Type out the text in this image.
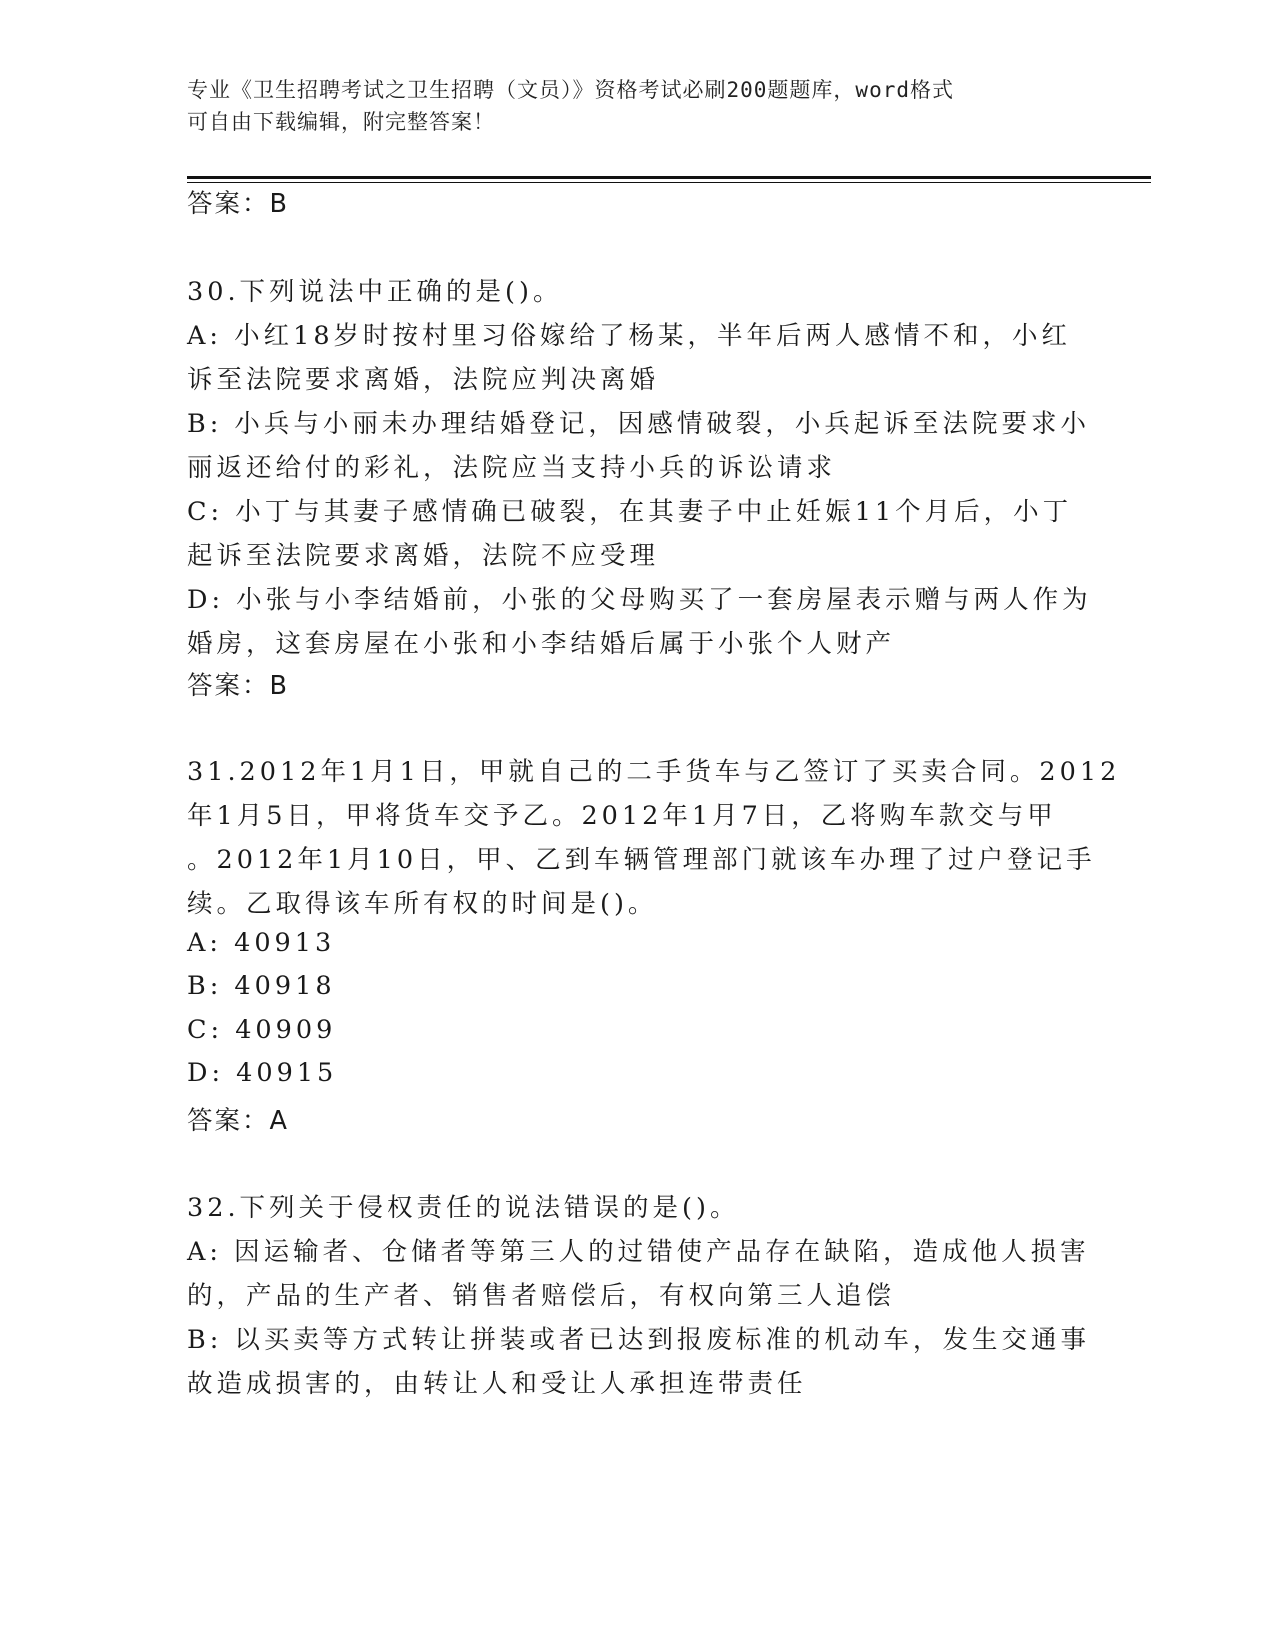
专业《卫生招聘考试之卫生招聘（文员）》资格考试必刷200题题库，word格式
可自由下载编辑，附完整答案！
答案：B
30.下列说法中正确的是()。
A: 小红18岁时按村里习俗嫁给了杨某，半年后两人感情不和，小红
诉至法院要求离婚，法院应判决离婚
B: 小兵与小丽未办理结婚登记，因感情破裂，小兵起诉至法院要求小
丽返还给付的彩礼，法院应当支持小兵的诉讼请求
C: 小丁与其妻子感情确已破裂，在其妻子中止妊娠11个月后，小丁
起诉至法院要求离婚，法院不应受理
D: 小张与小李结婚前，小张的父母购买了一套房屋表示赠与两人作为
婚房，这套房屋在小张和小李结婚后属于小张个人财产
答案：B
31.2012年1月1日，甲就自己的二手货车与乙签订了买卖合同。2012
年1月5日，甲将货车交予乙。2012年1月7日，乙将购车款交与甲
。2012年1月10日，甲、乙到车辆管理部门就该车办理了过户登记手
续。乙取得该车所有权的时间是()。
A: 40913
B: 40918
C: 40909
D: 40915
答案：A
32.下列关于侵权责任的说法错误的是()。
A: 因运输者、仓储者等第三人的过错使产品存在缺陷，造成他人损害
的，产品的生产者、销售者赔偿后，有权向第三人追偿
B: 以买卖等方式转让拼装或者已达到报废标准的机动车，发生交通事
故造成损害的，由转让人和受让人承担连带责任
